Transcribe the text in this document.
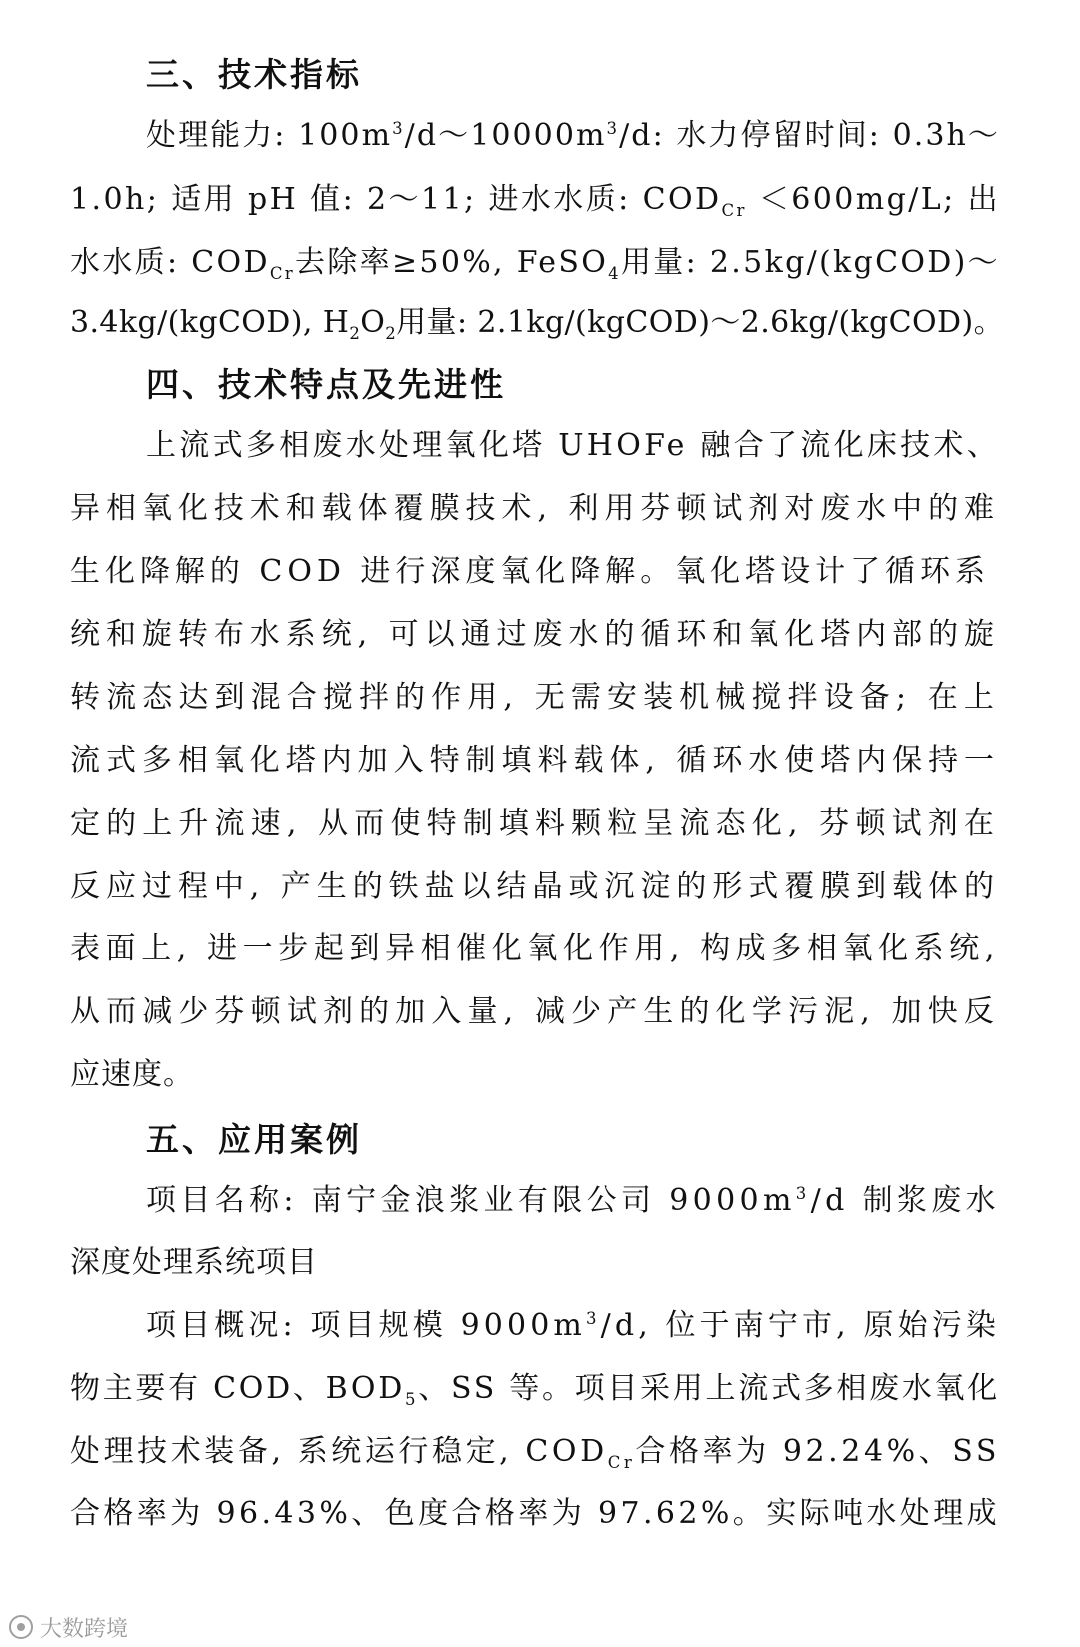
三、技术指标
处理能力: $100m^3/d\sim 10000m^3/d$: 水力停留时间: 0.3h～
1.0h; 适用 pH 值: 2～11; 进水水质: $COD_{Cr} <600mg/L$; 出
水水质: $COD_{Cr}$去除率≥50%, FeSO$_4$用量: 2.5kg/(kgCOD)～
3.4kg/(kgCOD), $H_2O_2$用量: 2.1kg/(kgCOD)～2.6kg/(kgCOD)。
四、技术特点及先进性
上流式多相废水处理氧化塔 UHOFe 融合了流化床技术、
异相氧化技术和载体覆膜技术, 利用芬顿试剂对废水中的难
生化降解的 COD 进行深度氧化降解。氧化塔设计了循环系
统和旋转布水系统, 可以通过废水的循环和氧化塔内部的旋
转流态达到混合搅拌的作用, 无需安装机械搅拌设备; 在上
流式多相氧化塔内加入特制填料载体, 循环水使塔内保持一
定的上升流速, 从而使特制填料颗粒呈流态化, 芬顿试剂在
反应过程中, 产生的铁盐以结晶或沉淀的形式覆膜到载体的
表面上, 进一步起到异相催化氧化作用, 构成多相氧化系统,
从而减少芬顿试剂的加入量, 减少产生的化学污泥, 加快反
应速度。
五、应用案例
项目名称: 南宁金浪浆业有限公司 $9000m^3/d$ 制浆废水
深度处理系统项目
项目概况: 项目规模 $9000m^3/d$, 位于南宁市, 原始污染
物主要有 COD、$BOD_5$、SS 等。项目采用上流式多相废水氧化
处理技术装备, 系统运行稳定, $COD_{Cr}$合格率为 92.24%、SS
合格率为 96.43%、色度合格率为 97.62%。实际吨水处理成
大数跨境
